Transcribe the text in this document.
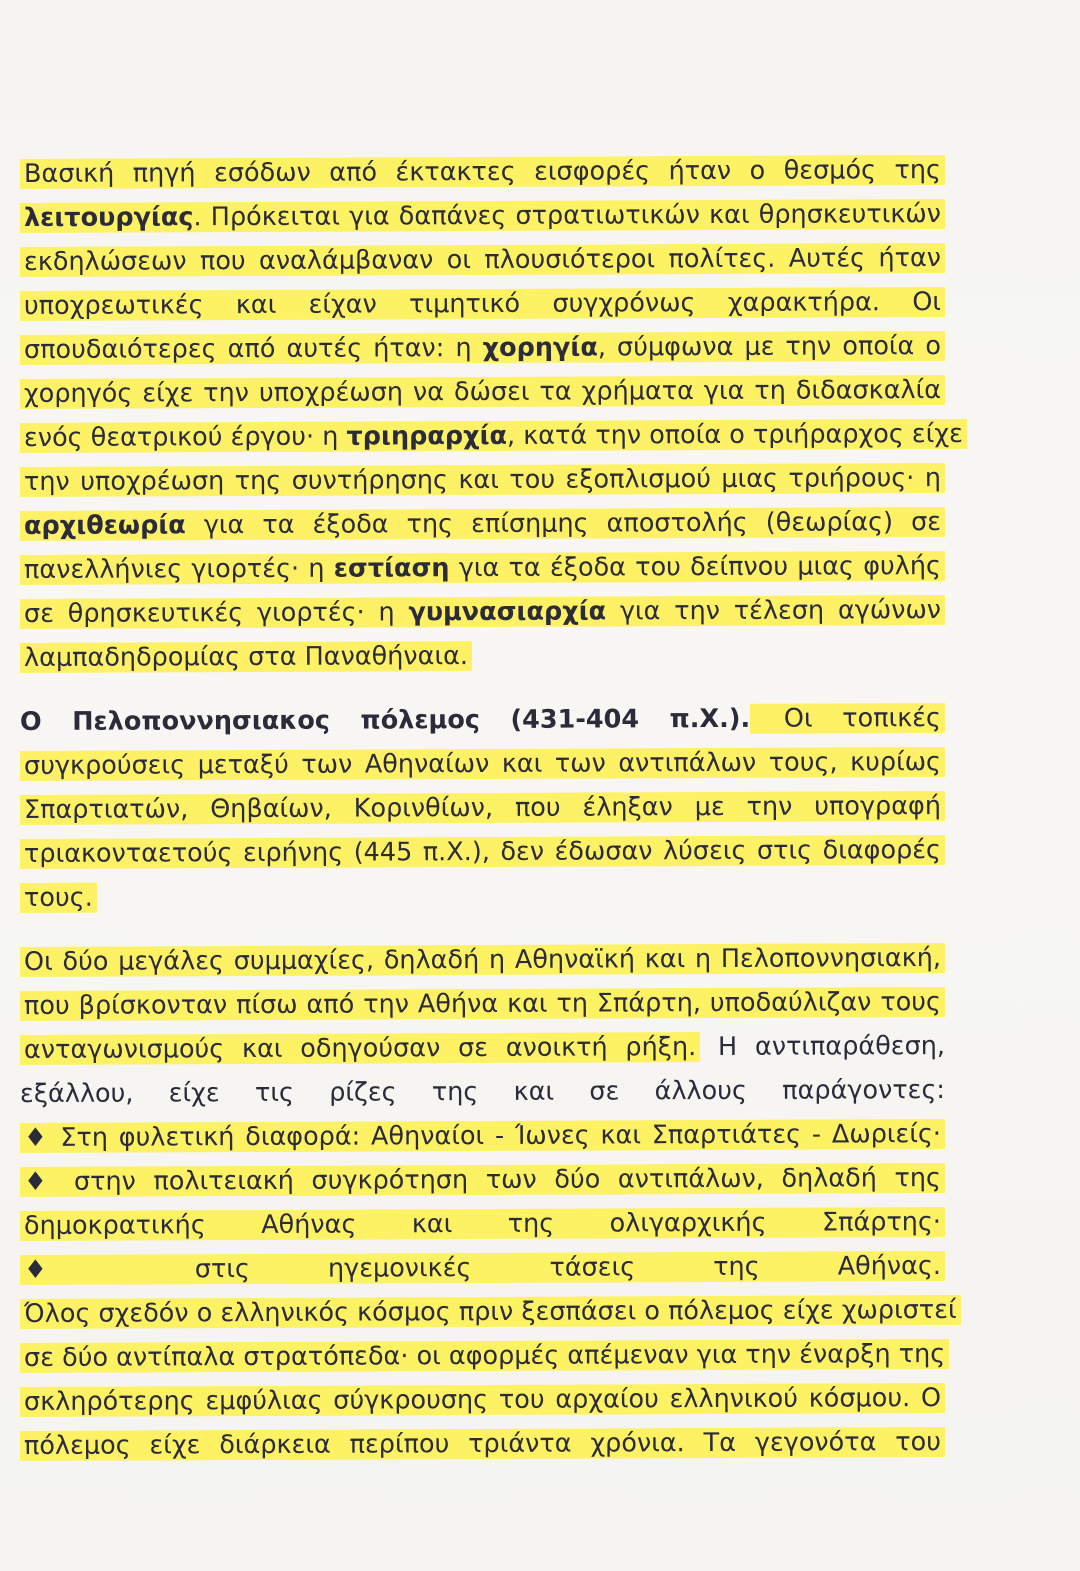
Βασική πηγή εσόδων από έκτακτες εισφορές ήταν ο θεσμός της
λειτουργίας. Πρόκειται για δαπάνες στρατιωτικών και θρησκευτικών
εκδηλώσεων που αναλάμβαναν οι πλουσιότεροι πολίτες. Αυτές ήταν
υποχρεωτικές και είχαν τιμητικό συγχρόνως χαρακτήρα. Οι
σπουδαιότερες από αυτές ήταν: η χορηγία, σύμφωνα με την οποία ο
χορηγός είχε την υποχρέωση να δώσει τα χρήματα για τη διδασκαλία
ενός θεατρικού έργου· η τριηραρχία, κατά την οποία ο τριήραρχος είχε
την υποχρέωση της συντήρησης και του εξοπλισμού μιας τριήρους· η
αρχιθεωρία για τα έξοδα της επίσημης αποστολής (θεωρίας) σε
πανελλήνιες γιορτές· η εστίαση για τα έξοδα του δείπνου μιας φυλής
σε θρησκευτικές γιορτές· η γυμνασιαρχία για την τέλεση αγώνων
λαμπαδηδρομίας στα Παναθήναια.
Ο Πελοποννησιακος πόλεμος (431-404 π.Χ.). Οι τοπικές
συγκρούσεις μεταξύ των Αθηναίων και των αντιπάλων τους, κυρίως
Σπαρτιατών, Θηβαίων, Κορινθίων, που έληξαν με την υπογραφή
τριακονταετούς ειρήνης (445 π.Χ.), δεν έδωσαν λύσεις στις διαφορές
τους.
Οι δύο μεγάλες συμμαχίες, δηλαδή η Αθηναϊκή και η Πελοποννησιακή,
που βρίσκονταν πίσω από την Αθήνα και τη Σπάρτη, υποδαύλιζαν τους
ανταγωνισμούς και οδηγούσαν σε ανοικτή ρήξη. Η αντιπαράθεση,
εξάλλου, είχε τις ρίζες της και σε άλλους παράγοντες:
♦ Στη φυλετική διαφορά: Αθηναίοι - Ίωνες και Σπαρτιάτες - Δωριείς·
♦ στην πολιτειακή συγκρότηση των δύο αντιπάλων, δηλαδή της
δημοκρατικής Αθήνας και της ολιγαρχικής Σπάρτης·
♦ στις ηγεμονικές τάσεις της Αθήνας.
Όλος σχεδόν ο ελληνικός κόσμος πριν ξεσπάσει ο πόλεμος είχε χωριστεί
σε δύο αντίπαλα στρατόπεδα· οι αφορμές απέμεναν για την έναρξη της
σκληρότερης εμφύλιας σύγκρουσης του αρχαίου ελληνικού κόσμου. Ο
πόλεμος είχε διάρκεια περίπου τριάντα χρόνια. Τα γεγονότα του
